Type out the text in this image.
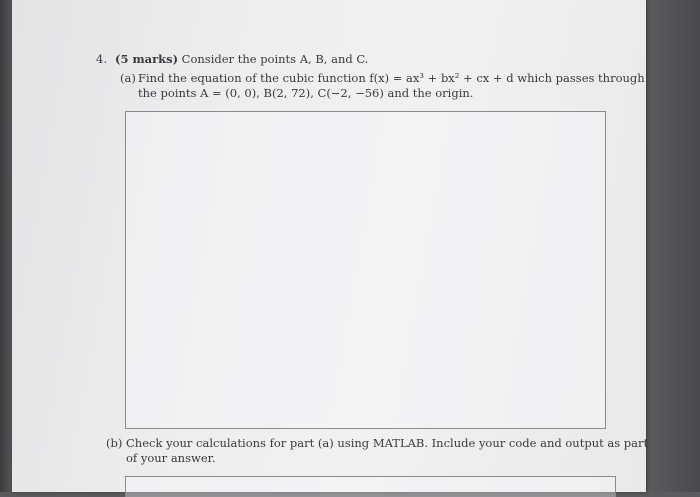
4. (5 marks) Consider the points A, B, and C.
(a) Find the equation of the cubic function f(x) = ax³ + bx² + cx + d which passes through
the points A = (0, 0), B(2, 72), C(−2, −56) and the origin.
(b) Check your calculations for part (a) using MATLAB. Include your code and output as part
of your answer.
